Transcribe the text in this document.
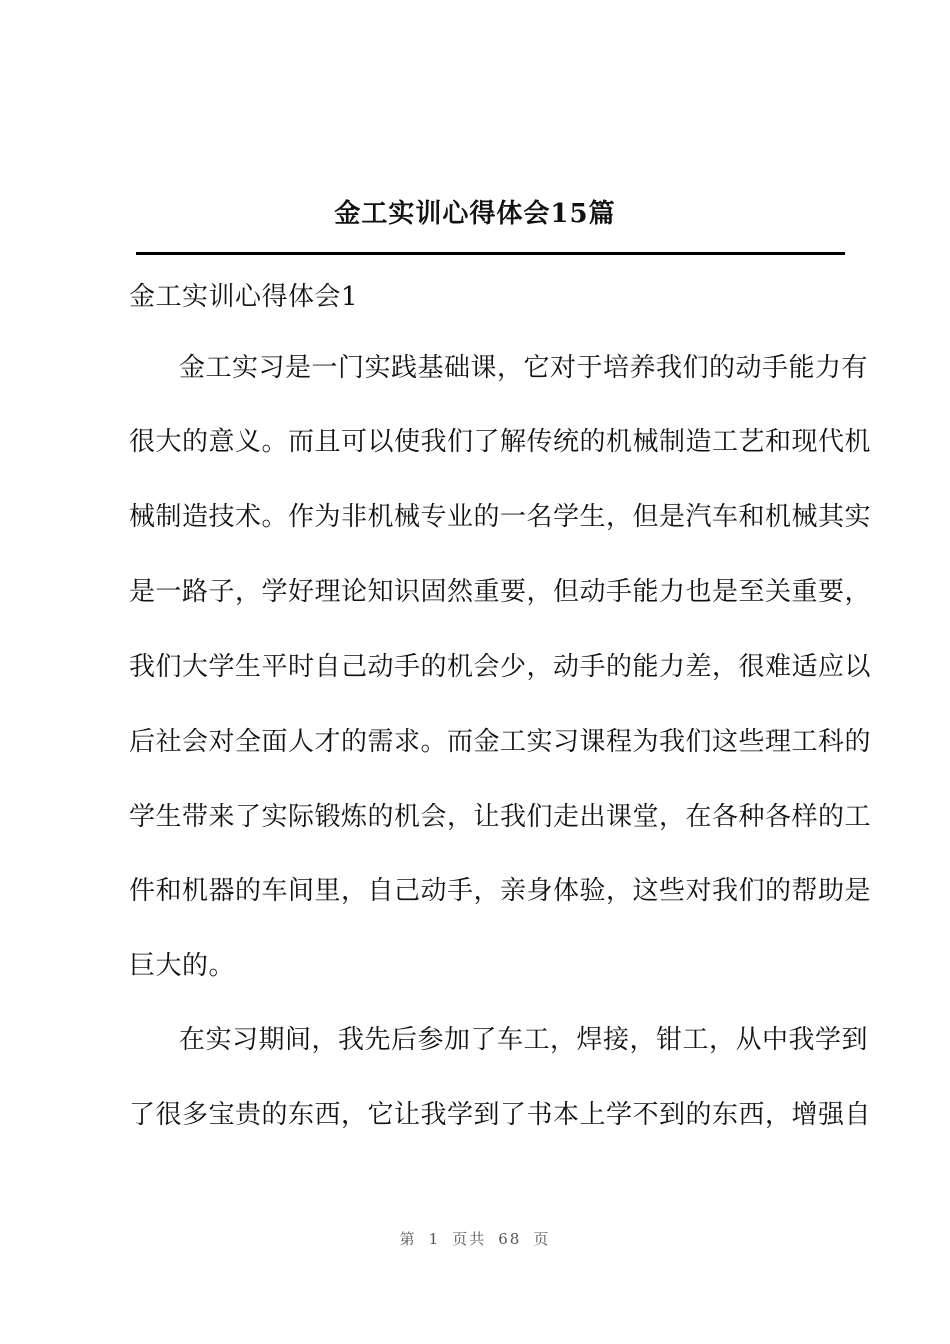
金工实训心得体会15篇
金工实训心得体会1
金工实习是一门实践基础课，它对于培养我们的动手能力有
很大的意义。而且可以使我们了解传统的机械制造工艺和现代机
械制造技术。作为非机械专业的一名学生，但是汽车和机械其实
是一路子，学好理论知识固然重要，但动手能力也是至关重要，
我们大学生平时自己动手的机会少，动手的能力差，很难适应以
后社会对全面人才的需求。而金工实习课程为我们这些理工科的
学生带来了实际锻炼的机会，让我们走出课堂，在各种各样的工
件和机器的车间里，自己动手，亲身体验，这些对我们的帮助是
巨大的。
在实习期间，我先后参加了车工，焊接，钳工，从中我学到
了很多宝贵的东西，它让我学到了书本上学不到的东西，增强自
第 1 页共 68 页
